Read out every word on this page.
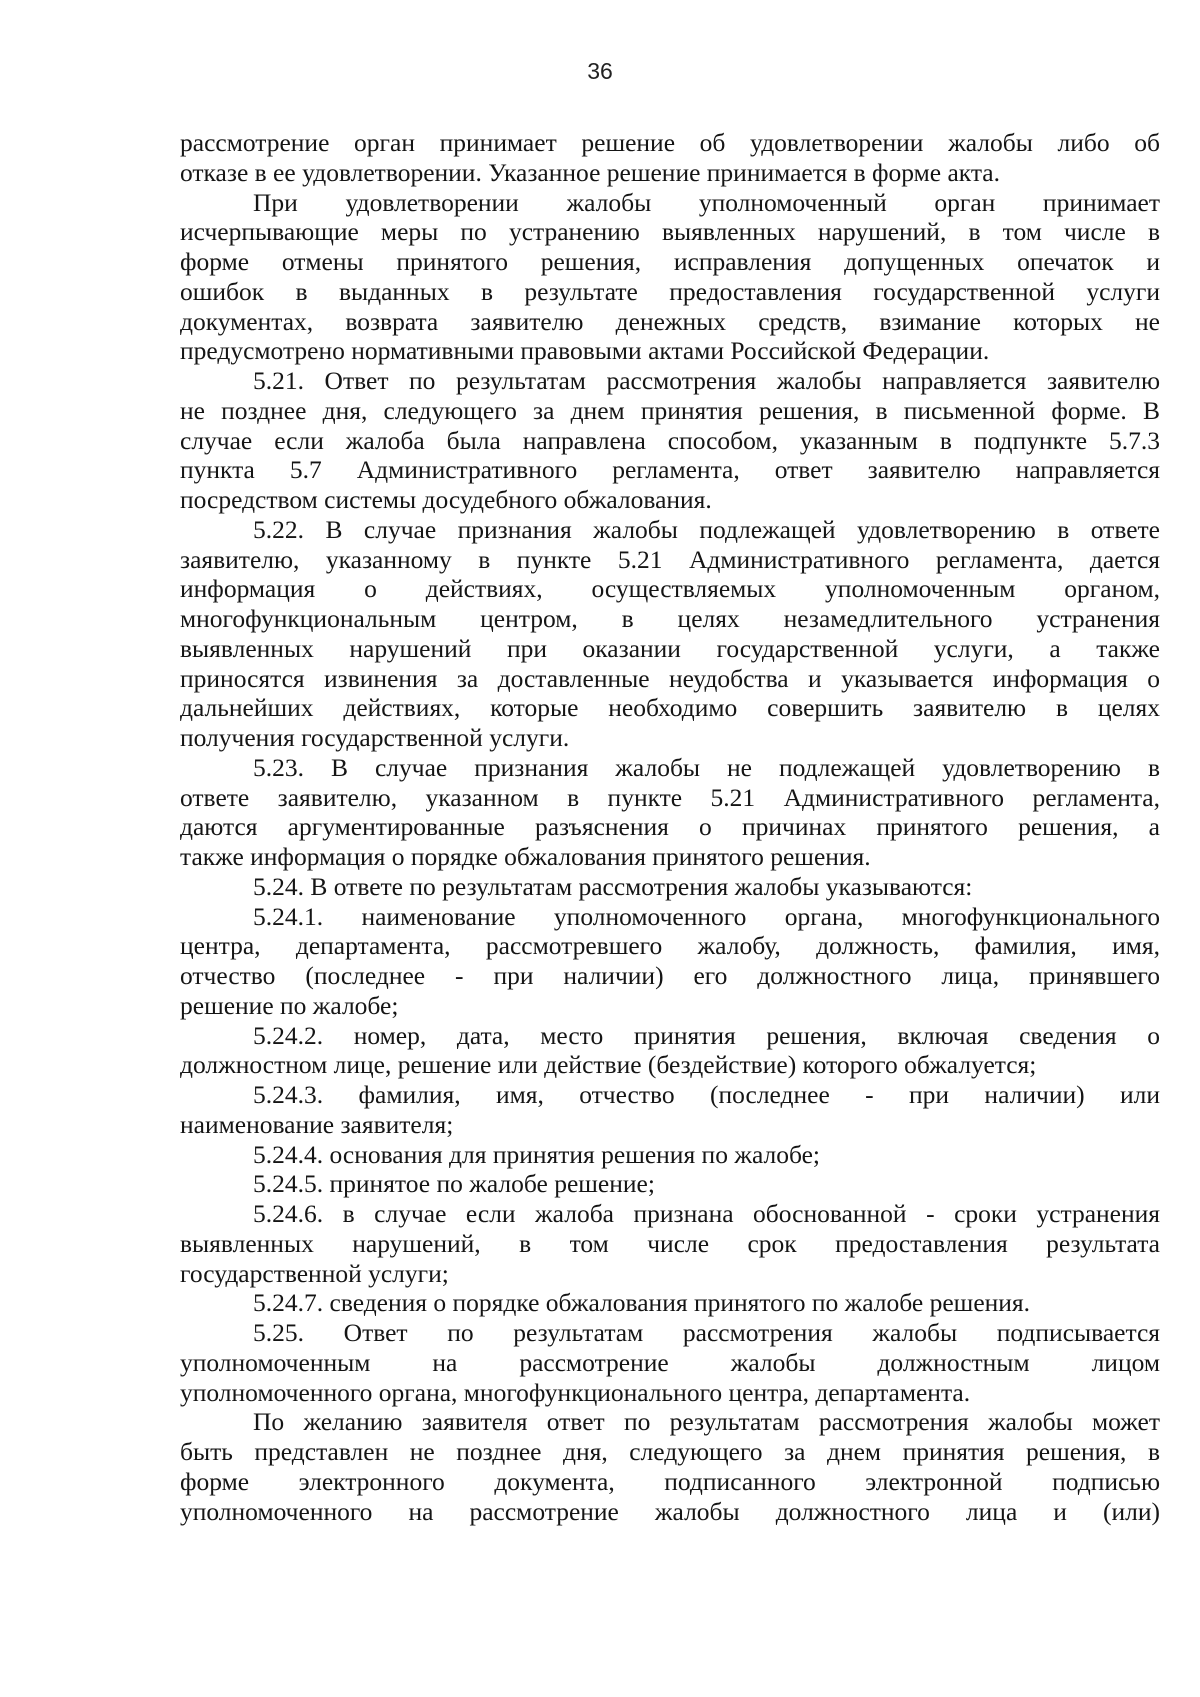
36
рассмотрение орган принимает решение об удовлетворении жалобы либо об
отказе в ее удовлетворении. Указанное решение принимается в форме акта.
При удовлетворении жалобы уполномоченный орган принимает
исчерпывающие меры по устранению выявленных нарушений, в том числе в
форме отмены принятого решения, исправления допущенных опечаток и
ошибок в выданных в результате предоставления государственной услуги
документах, возврата заявителю денежных средств, взимание которых не
предусмотрено нормативными правовыми актами Российской Федерации.
5.21. Ответ по результатам рассмотрения жалобы направляется заявителю
не позднее дня, следующего за днем принятия решения, в письменной форме. В
случае если жалоба была направлена способом, указанным в подпункте 5.7.3
пункта 5.7 Административного регламента, ответ заявителю направляется
посредством системы досудебного обжалования.
5.22. В случае признания жалобы подлежащей удовлетворению в ответе
заявителю, указанному в пункте 5.21 Административного регламента, дается
информация о действиях, осуществляемых уполномоченным органом,
многофункциональным центром, в целях незамедлительного устранения
выявленных нарушений при оказании государственной услуги, а также
приносятся извинения за доставленные неудобства и указывается информация о
дальнейших действиях, которые необходимо совершить заявителю в целях
получения государственной услуги.
5.23. В случае признания жалобы не подлежащей удовлетворению в
ответе заявителю, указанном в пункте 5.21 Административного регламента,
даются аргументированные разъяснения о причинах принятого решения, а
также информация о порядке обжалования принятого решения.
5.24. В ответе по результатам рассмотрения жалобы указываются:
5.24.1. наименование уполномоченного органа, многофункционального
центра, департамента, рассмотревшего жалобу, должность, фамилия, имя,
отчество (последнее - при наличии) его должностного лица, принявшего
решение по жалобе;
5.24.2. номер, дата, место принятия решения, включая сведения о
должностном лице, решение или действие (бездействие) которого обжалуется;
5.24.3. фамилия, имя, отчество (последнее - при наличии) или
наименование заявителя;
5.24.4. основания для принятия решения по жалобе;
5.24.5. принятое по жалобе решение;
5.24.6. в случае если жалоба признана обоснованной - сроки устранения
выявленных нарушений, в том числе срок предоставления результата
государственной услуги;
5.24.7. сведения о порядке обжалования принятого по жалобе решения.
5.25. Ответ по результатам рассмотрения жалобы подписывается
уполномоченным на рассмотрение жалобы должностным лицом
уполномоченного органа, многофункционального центра, департамента.
По желанию заявителя ответ по результатам рассмотрения жалобы может
быть представлен не позднее дня, следующего за днем принятия решения, в
форме электронного документа, подписанного электронной подписью
уполномоченного на рассмотрение жалобы должностного лица и (или)
